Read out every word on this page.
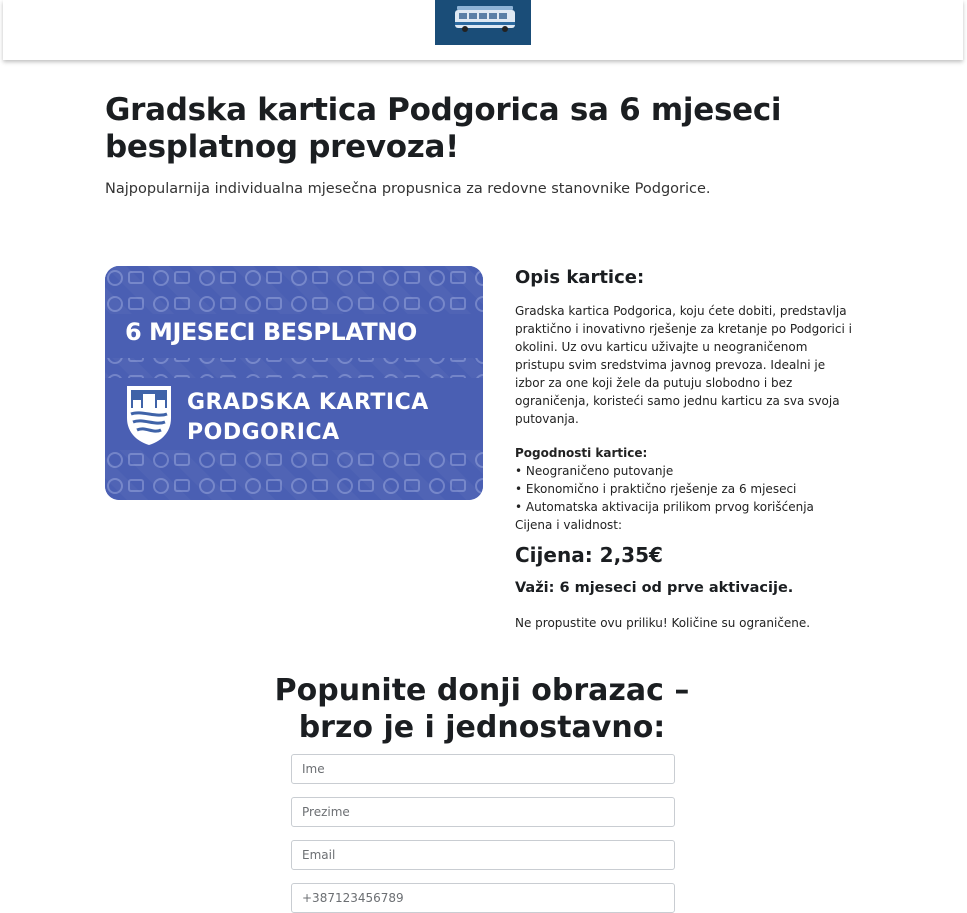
Gradska kartica Podgorica sa 6 mjeseci besplatnog prevoza!

Najpopularnija individualna mjesečna propusnica za redovne stanovnike Podgorice.

6 MJESECI BESPLATNO
GRADSKA KARTICA
PODGORICA
Opis kartice:

Gradska kartica Podgorica, koju ćete dobiti, predstavlja praktično i inovativno rješenje za kretanje po Podgorici i okolini. Uz ovu karticu uživajte u neograničenom pristupu svim sredstvima javnog prevoza. Idealni je izbor za one koji žele da putuju slobodno i bez ograničenja, koristeći samo jednu karticu za sva svoja putovanja.

Pogodnosti kartice:
• Neograničeno putovanje
• Ekonomično i praktično rješenje za 6 mjeseci
• Automatska aktivacija prilikom prvog korišćenja
Cijena i validnost:
Cijena: 2,35€
Važi: 6 mjeseci od prve aktivacije.
Ne propustite ovu priliku! Količine su ograničene.
Popunite donji obrazac – brzo je i jednostavno:
Ime
Prezime
Email
+387123456789
